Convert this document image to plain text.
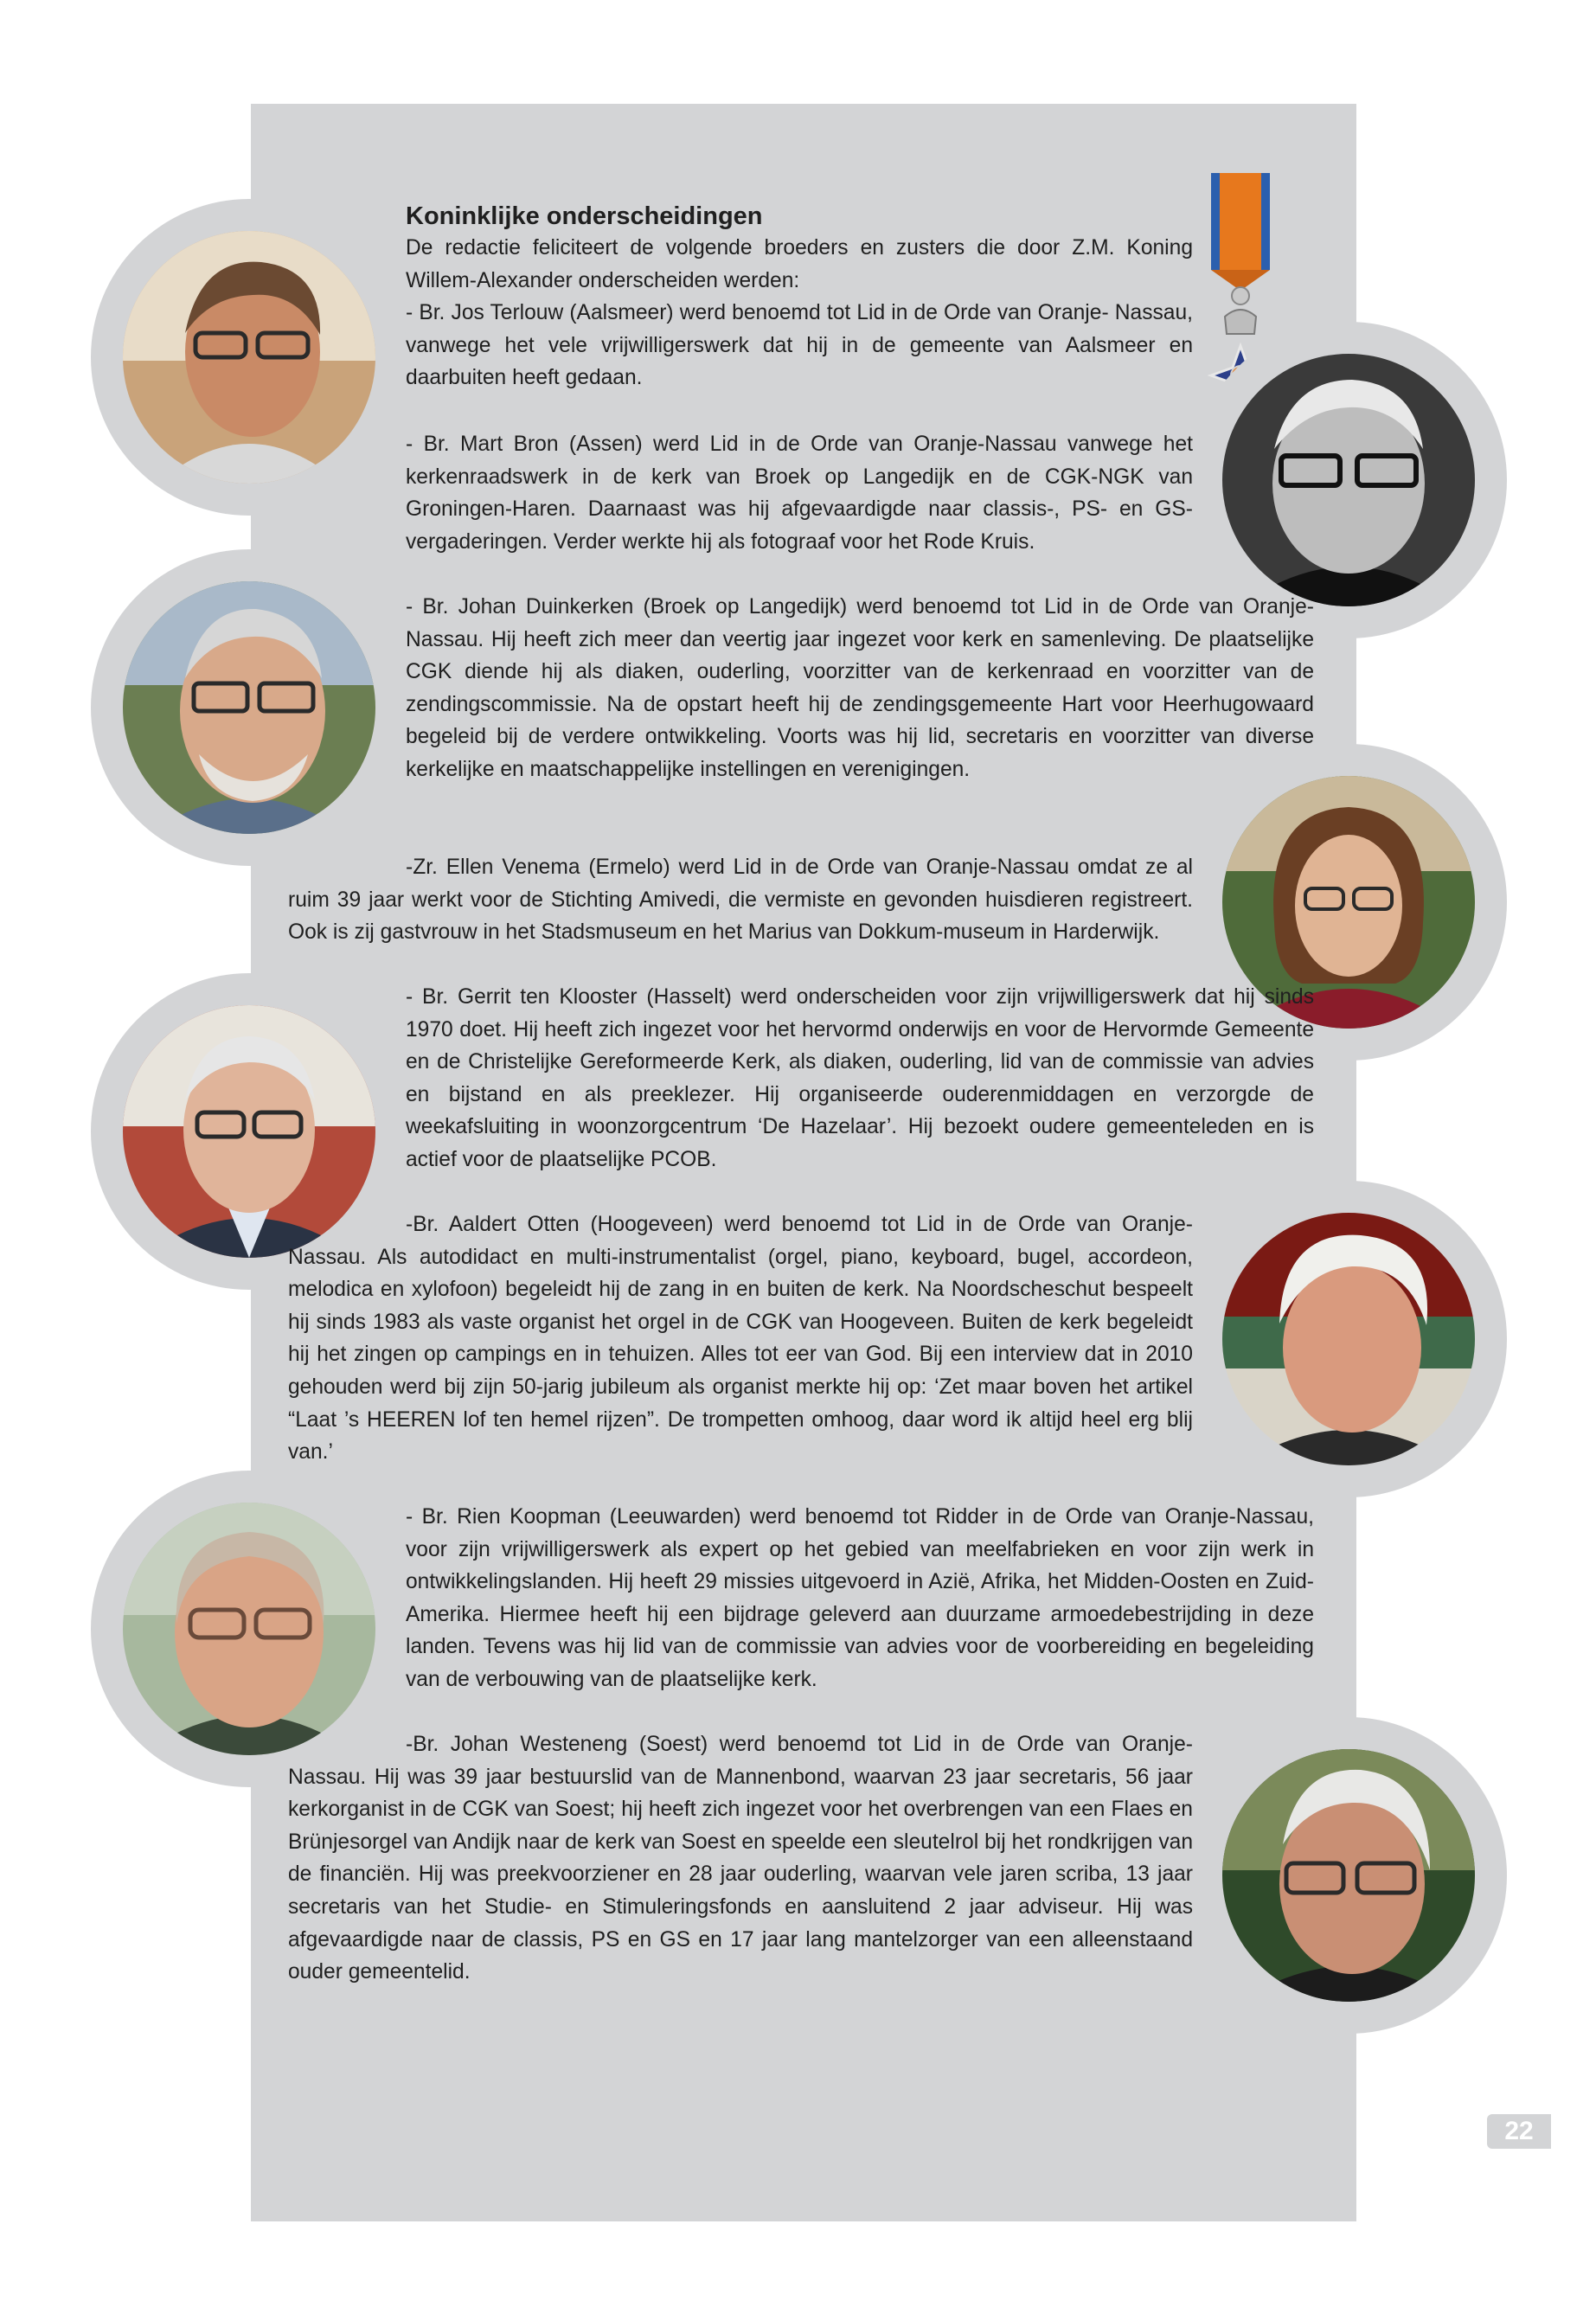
Koninklijke onderscheidingen

De redactie feliciteert de volgende broeders en zusters die door Z.M. Koning Willem-Alexander onderscheiden werden:

- Br. Jos Terlouw (Aalsmeer) werd benoemd tot Lid in de Orde van Oranje- Nassau, vanwege het vele vrijwilligerswerk dat hij in de gemeente van Aalsmeer en daarbuiten heeft gedaan.

- Br. Mart Bron (Assen) werd Lid in de Orde van Oranje-Nassau vanwege het kerkenraadswerk in de kerk van Broek op Langedijk en de CGK-NGK van Groningen-Haren. Daarnaast was hij afgevaardigde naar classis-, PS- en GS- vergaderingen. Verder werkte hij als fotograaf voor het Rode Kruis.

- Br. Johan Duinkerken (Broek op Langedijk) werd benoemd tot Lid in de Orde van Oranje-Nassau. Hij heeft zich meer dan veertig jaar ingezet voor kerk en samenleving. De plaatselijke CGK diende hij als diaken, ouderling, voorzitter van de kerkenraad en voorzitter van de zendingscommissie. Na de opstart heeft hij de zendingsgemeente Hart voor Heerhugowaard begeleid bij de verdere ontwikkeling. Voorts was hij lid, secretaris en voorzitter van diverse kerkelijke en maatschappelijke instellingen en verenigingen.

-Zr. Ellen Venema (Ermelo) werd Lid in de Orde van Oranje-Nassau omdat ze al ruim 39 jaar werkt voor de Stichting Amivedi, die vermiste en gevonden huisdieren registreert. Ook is zij gastvrouw in het Stadsmuseum en het Marius van Dokkum-museum in Harderwijk.

- Br. Gerrit ten Klooster (Hasselt) werd onderscheiden voor zijn vrijwilligerswerk dat hij sinds 1970 doet. Hij heeft zich ingezet voor het hervormd onderwijs en voor de Hervormde Gemeente en de Christelijke Gereformeerde Kerk, als diaken, ouderling, lid van de commissie van advies en bijstand en als preeklezer. Hij organiseerde ouderenmiddagen en verzorgde de weekafsluiting in woonzorgcentrum ‘De Hazelaar’. Hij bezoekt oudere gemeenteleden en is actief voor de plaatselijke PCOB.

-Br. Aaldert Otten (Hoogeveen) werd benoemd tot Lid in de Orde van Oranje- Nassau. Als autodidact en multi-instrumentalist (orgel, piano, keyboard, bugel, accordeon, melodica en xylofoon) begeleidt hij de zang in en buiten de kerk. Na Noordscheschut bespeelt hij sinds 1983 als vaste organist het orgel in de CGK van Hoogeveen. Buiten de kerk begeleidt hij het zingen op campings en in tehuizen. Alles tot eer van God. Bij een interview dat in 2010 gehouden werd bij zijn 50-jarig jubileum als organist merkte hij op: ‘Zet maar boven het artikel “Laat ’s HEEREN lof ten hemel rijzen”. De trompetten omhoog, daar word ik altijd heel erg blij van.’

- Br. Rien Koopman (Leeuwarden) werd benoemd tot Ridder in de Orde van Oranje-Nassau, voor zijn vrijwilligerswerk als expert op het gebied van meelfabrieken en voor zijn werk in ontwikkelingslanden. Hij heeft 29 missies uitgevoerd in Azië, Afrika, het Midden-Oosten en Zuid-Amerika. Hiermee heeft hij een bijdrage geleverd aan duurzame armoedebestrijding in deze landen. Tevens was hij lid van de commissie van advies voor de voorbereiding en begeleiding van de verbouwing van de plaatselijke kerk.

-Br. Johan Westeneng (Soest) werd benoemd tot Lid in de Orde van Oranje- Nassau. Hij was 39 jaar bestuurslid van de Mannenbond, waarvan 23 jaar secretaris, 56 jaar kerkorganist in de CGK van Soest; hij heeft zich ingezet voor het overbrengen van een Flaes en Brünjesorgel van Andijk naar de kerk van Soest en speelde een sleutelrol bij het rondkrijgen van de financiën. Hij was preekvoorziener en 28 jaar ouderling, waarvan vele jaren scriba, 13 jaar secretaris van het Studie- en Stimuleringsfonds en aansluitend 2 jaar adviseur. Hij was afgevaardigde naar de classis, PS en GS en 17 jaar lang mantelzorger van een alleenstaand ouder gemeentelid.

22
